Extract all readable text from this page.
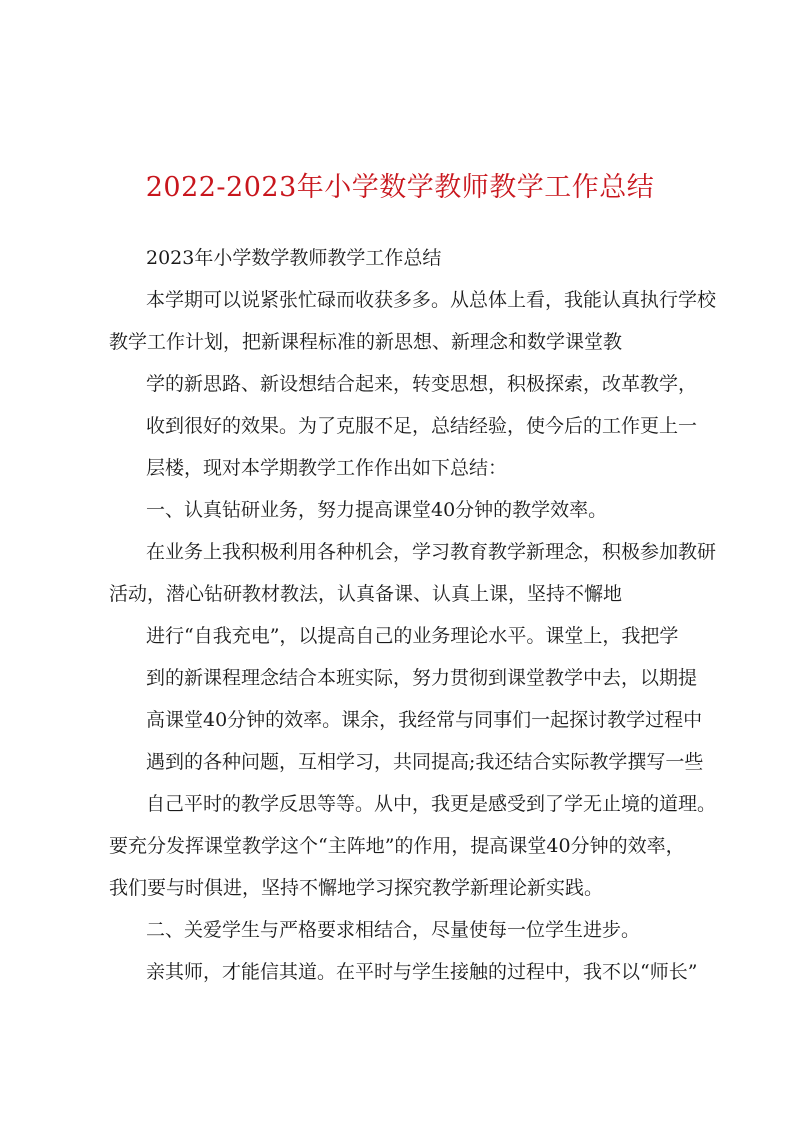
2022-2023年小学数学教师教学工作总结
2023年小学数学教师教学工作总结
本学期可以说紧张忙碌而收获多多。从总体上看，我能认真执行学校
教学工作计划，把新课程标准的新思想、新理念和数学课堂教
学的新思路、新设想结合起来，转变思想，积极探索，改革教学，
收到很好的效果。为了克服不足，总结经验，使今后的工作更上一
层楼，现对本学期教学工作作出如下总结：
一、认真钻研业务，努力提高课堂40分钟的教学效率。
在业务上我积极利用各种机会，学习教育教学新理念，积极参加教研
活动，潜心钻研教材教法，认真备课、认真上课，坚持不懈地
进行“自我充电”，以提高自己的业务理论水平。课堂上，我把学
到的新课程理念结合本班实际，努力贯彻到课堂教学中去，以期提
高课堂40分钟的效率。课余，我经常与同事们一起探讨教学过程中
遇到的各种问题，互相学习，共同提高;我还结合实际教学撰写一些
自己平时的教学反思等等。从中，我更是感受到了学无止境的道理。
要充分发挥课堂教学这个“主阵地”的作用，提高课堂40分钟的效率，
我们要与时俱进，坚持不懈地学习探究教学新理论新实践。
二、关爱学生与严格要求相结合，尽量使每一位学生进步。
亲其师，才能信其道。在平时与学生接触的过程中，我不以“师长”
